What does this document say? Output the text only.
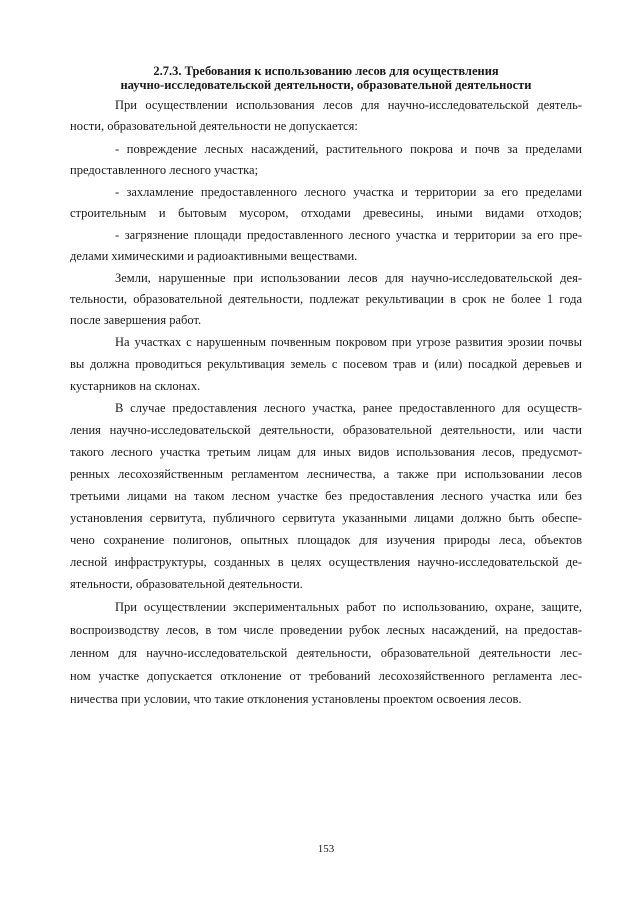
2.7.3. Требования к использованию лесов для осуществления
научно-исследовательской деятельности, образовательной деятельности
При осуществлении использования лесов для научно-исследовательской деятель-
ности, образовательной деятельности не допускается:
- повреждение лесных насаждений, растительного покрова и почв за пределами
предоставленного лесного участка;
- захламление предоставленного лесного участка и территории за его пределами
строительным и бытовым мусором, отходами древесины, иными видами отходов;
- загрязнение площади предоставленного лесного участка и территории за его пре-
делами химическими и радиоактивными веществами.
Земли, нарушенные при использовании лесов для научно-исследовательской дея-
тельности, образовательной деятельности, подлежат рекультивации в срок не более 1 года
после завершения работ.
На участках с нарушенным почвенным покровом при угрозе развития эрозии почвы
вы должна проводиться рекультивация земель с посевом трав и (или) посадкой деревьев и
кустарников на склонах.
В случае предоставления лесного участка, ранее предоставленного для осуществ-
ления научно-исследовательской деятельности, образовательной деятельности, или части
такого лесного участка третьим лицам для иных видов использования лесов, предусмот-
ренных лесохозяйственным регламентом лесничества, а также при использовании лесов
третьими лицами на таком лесном участке без предоставления лесного участка или без
установления сервитута, публичного сервитута указанными лицами должно быть обеспе-
чено сохранение полигонов, опытных площадок для изучения природы леса, объектов
лесной инфраструктуры, созданных в целях осуществления научно-исследовательской де-
ятельности, образовательной деятельности.
При осуществлении экспериментальных работ по использованию, охране, защите,
воспроизводству лесов, в том числе проведении рубок лесных насаждений, на предостав-
ленном для научно-исследовательской деятельности, образовательной деятельности лес-
ном участке допускается отклонение от требований лесохозяйственного регламента лес-
ничества при условии, что такие отклонения установлены проектом освоения лесов.
153
